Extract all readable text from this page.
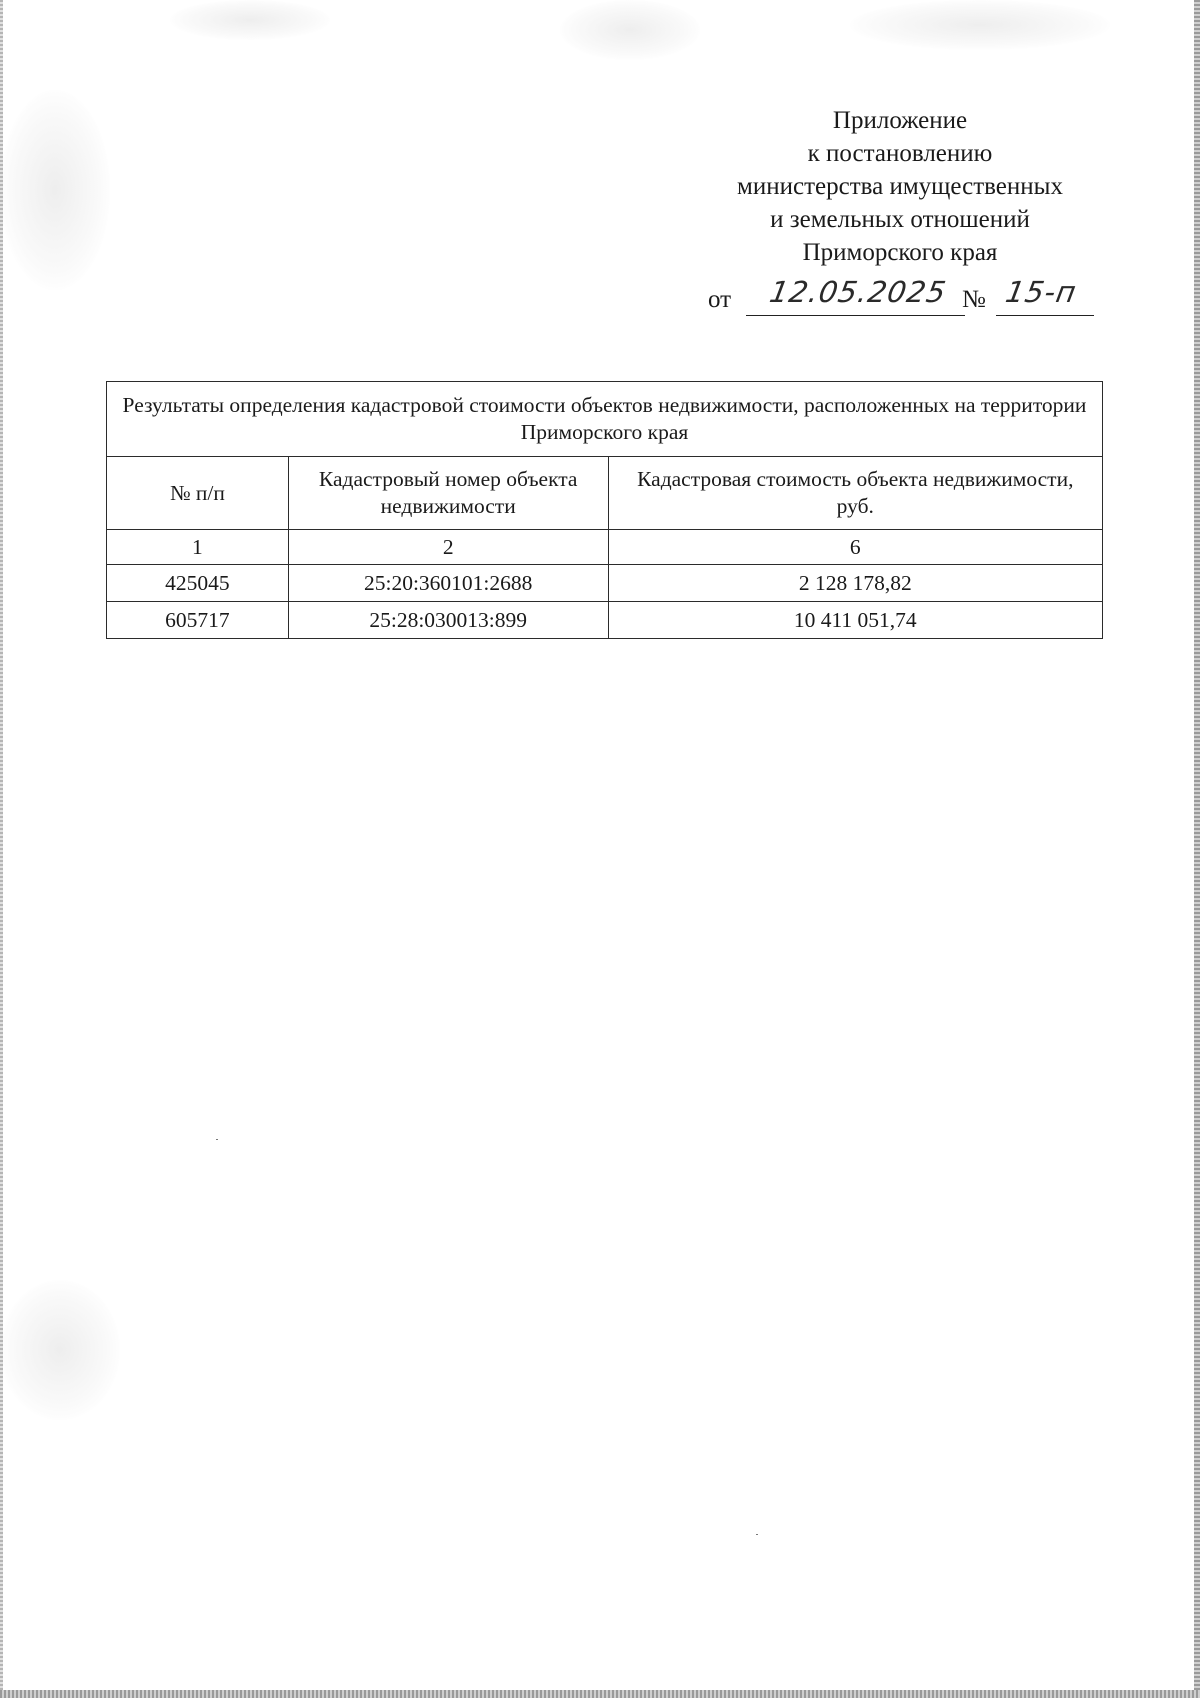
Приложение
к постановлению
министерства имущественных
и земельных отношений
Приморского края
от 12.05.2025 № 15-п
Результаты определения кадастровой стоимости объектов недвижимости, расположенных на территории Приморского края		
№ п/п	Кадастровый номер объекта недвижимости	Кадастровая стоимость объекта недвижимости, руб.
1	2	6
425045	25:20:360101:2688	2 128 178,82
605717	25:28:030013:899	10 411 051,74
